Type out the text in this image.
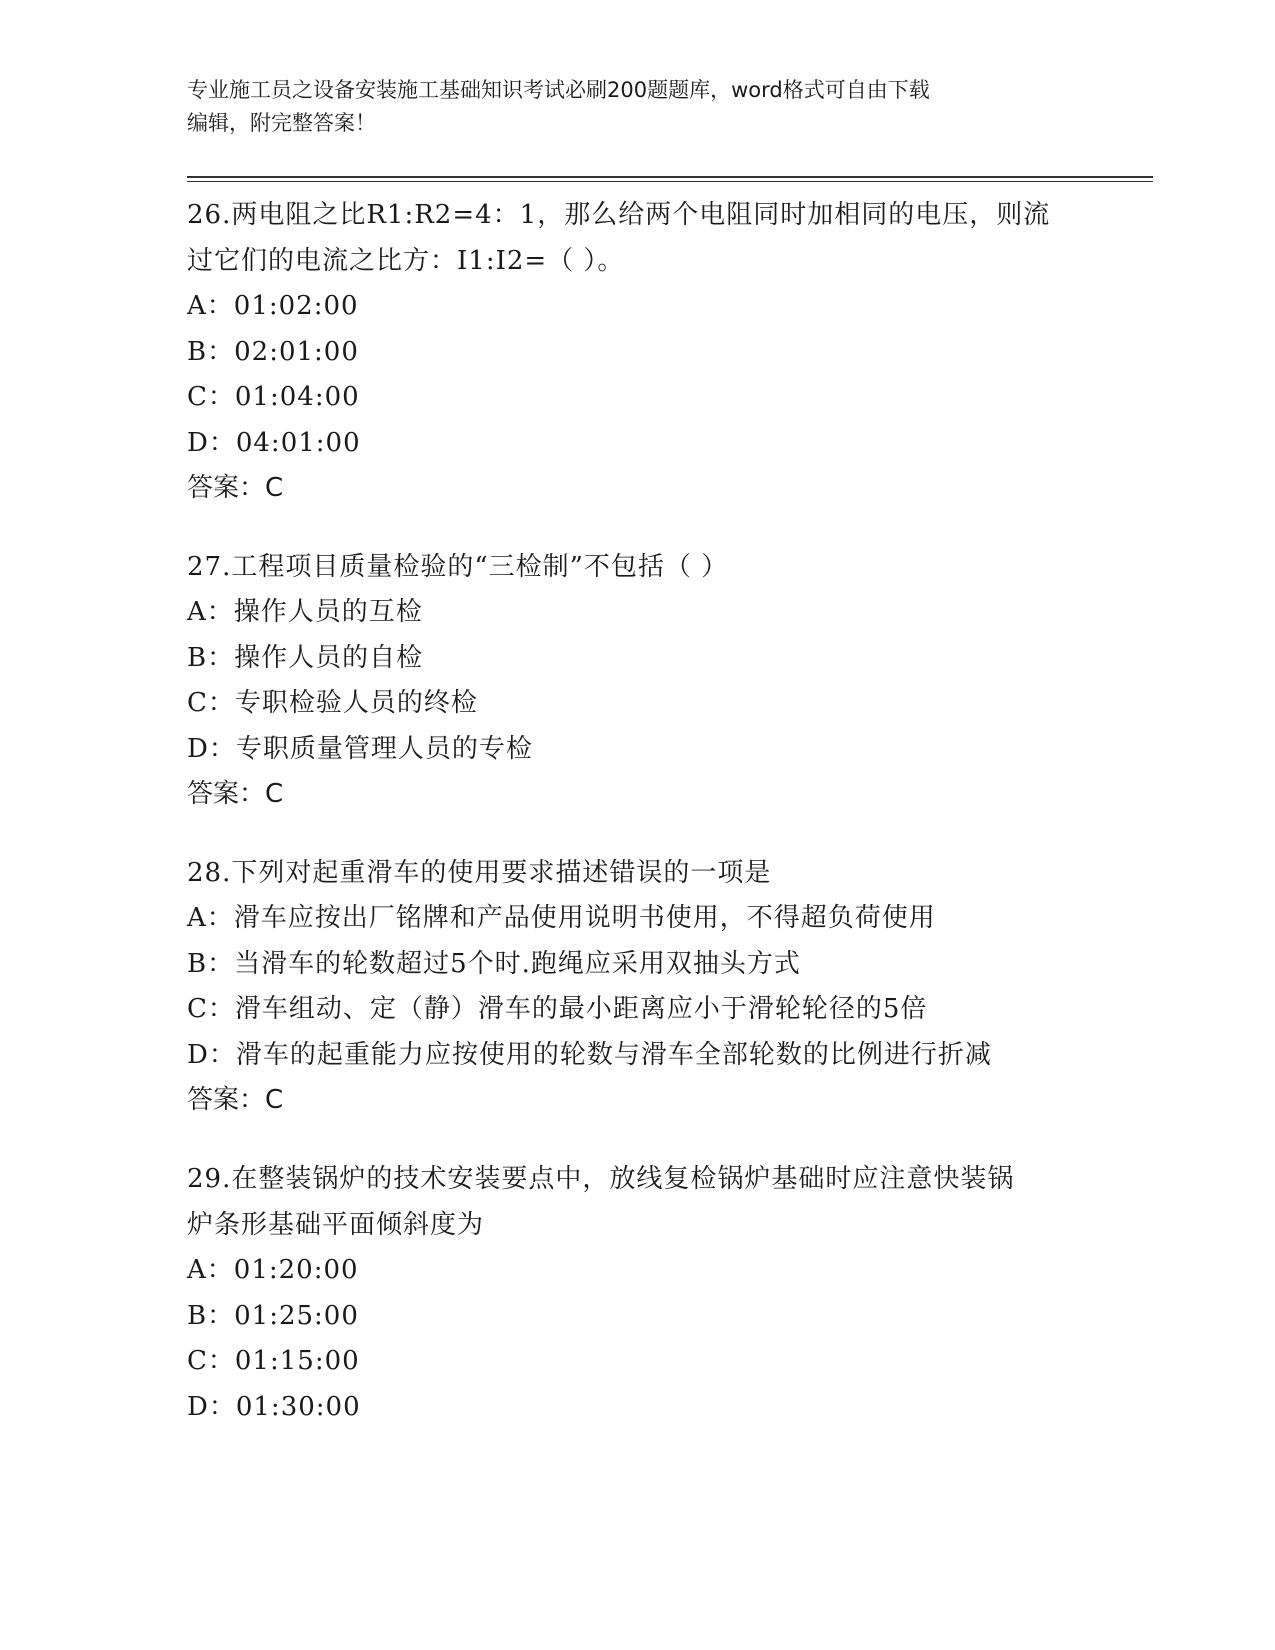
专业施工员之设备安装施工基础知识考试必刷200题题库，word格式可自由下载
编辑，附完整答案！
26.两电阻之比R1:R2=4：1，那么给两个电阻同时加相同的电压，则流
过它们的电流之比方：I1:I2=（ ）。
A：01:02:00
B：02:01:00
C：01:04:00
D：04:01:00
答案：C
27.工程项目质量检验的“三检制”不包括（ ）
A：操作人员的互检
B：操作人员的自检
C：专职检验人员的终检
D：专职质量管理人员的专检
答案：C
28.下列对起重滑车的使用要求描述错误的一项是
A：滑车应按出厂铭牌和产品使用说明书使用，不得超负荷使用
B：当滑车的轮数超过5个时.跑绳应采用双抽头方式
C：滑车组动、定（静）滑车的最小距离应小于滑轮轮径的5倍
D：滑车的起重能力应按使用的轮数与滑车全部轮数的比例进行折减
答案：C
29.在整装锅炉的技术安装要点中，放线复检锅炉基础时应注意快装锅
炉条形基础平面倾斜度为
A：01:20:00
B：01:25:00
C：01:15:00
D：01:30:00
